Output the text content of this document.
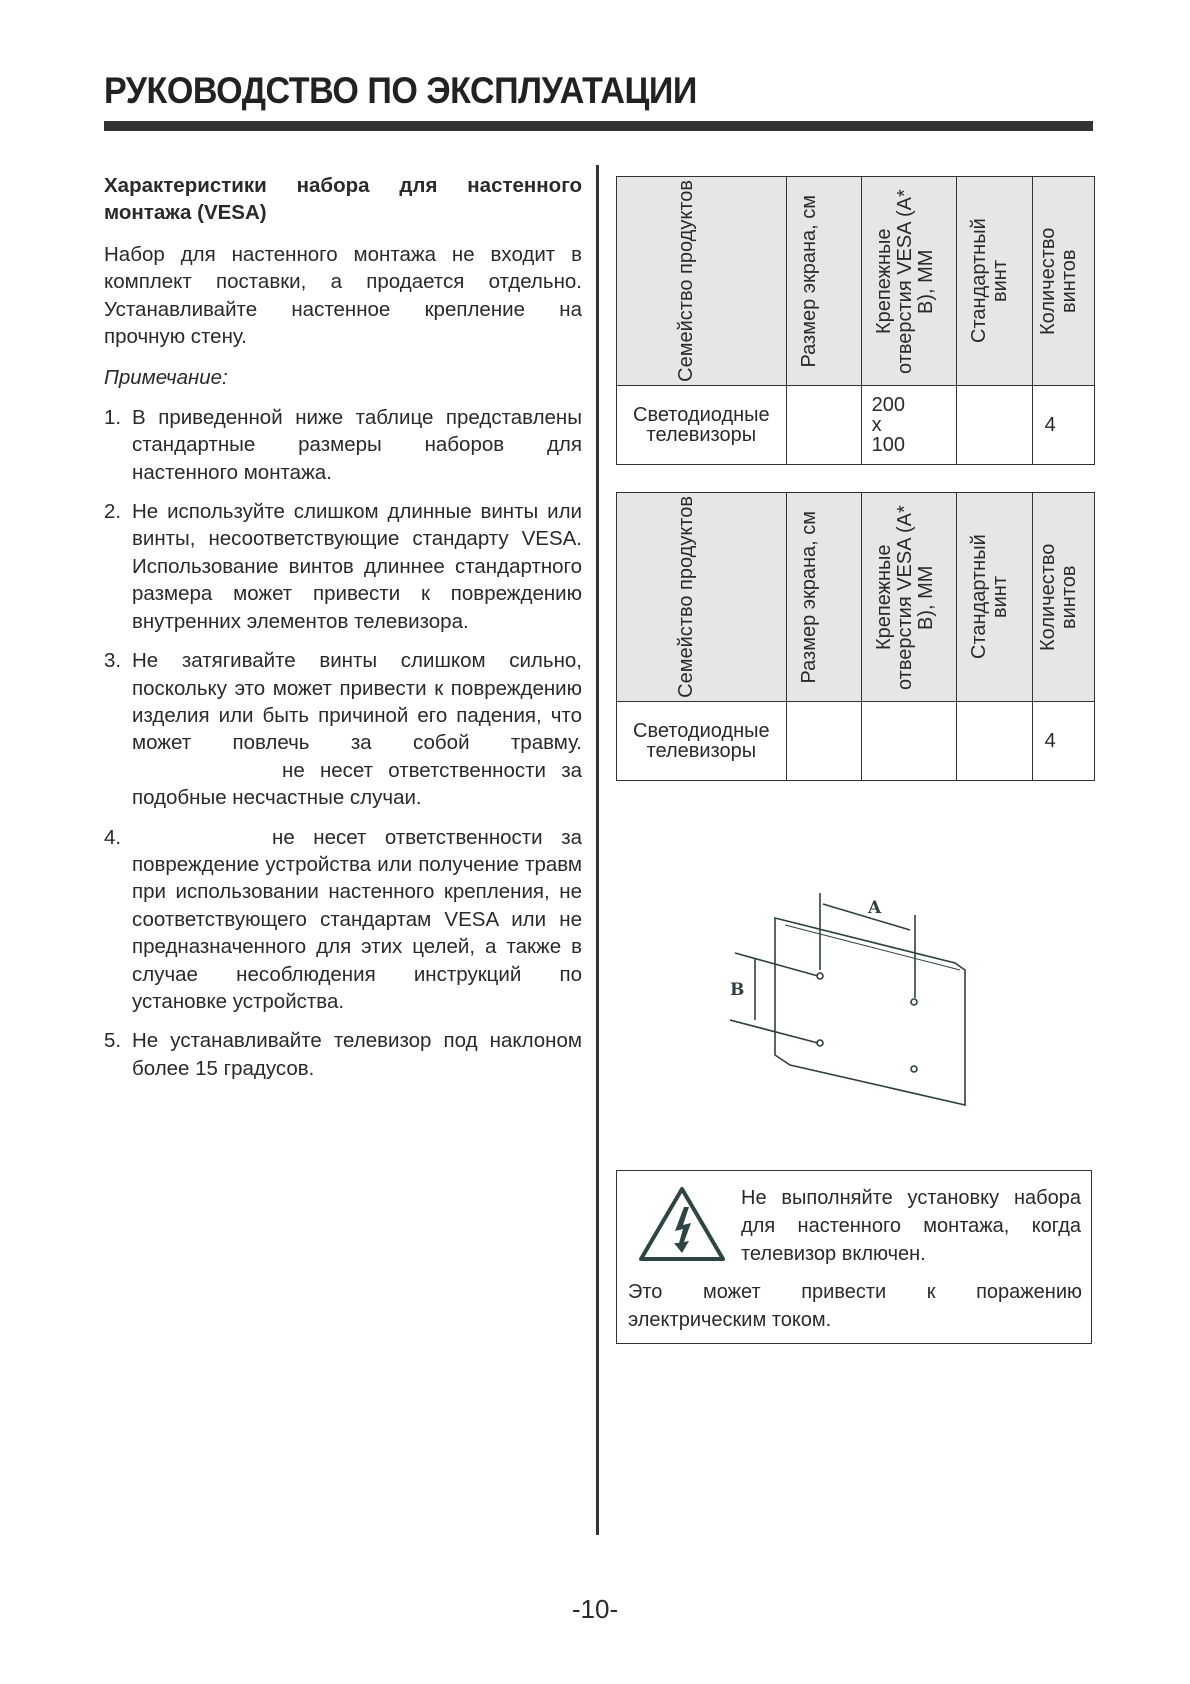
РУКОВОДСТВО ПО ЭКСПЛУАТАЦИИ

Характеристики набора для настенного монтажа (VESA)

Набор для настенного монтажа не входит в комплект поставки, а продается отдельно. Устанавливайте настенное крепление на прочную стену.

Примечание:

1. В приведенной ниже таблице представлены стандартные размеры наборов для настенного монтажа.
2. Не используйте слишком длинные винты или винты, несоответствующие стандарту VESA. Использование винтов длиннее стандартного размера может привести к повреждению внутренних элементов телевизора.
3. Не затягивайте винты слишком сильно, поскольку это может привести к повреждению изделия или быть причиной его падения, что может повлечь за собой травму.не несет ответственности за подобные несчастные случаи.
4.	не несет ответственности за повреждение устройства или получение травм при использовании настенного крепления, не соответствующего стандартам VESA или не предназначенного для этих целей, а также в случае несоблюдения инструкций по установке устройства.
5. Не устанавливайте телевизор под наклоном более 15 градусов.
Семейство продуктов	Размер экрана, см	Крепежные отверстия VESA (A* B), ММ	Стандартный винт	Количество винтов

Светодиодные телевизоры		200 x 100		4
Семейство продуктов	Размер экрана, см	Крепежные отверстия VESA (A* B), ММ	Стандартный винт	Количество винтов

Светодиодные телевизоры				4
A
B
Не выполняйте установку набора для настенного монтажа, когда телевизор включен.
Это может привести к поражению электрическим током.
-10-
